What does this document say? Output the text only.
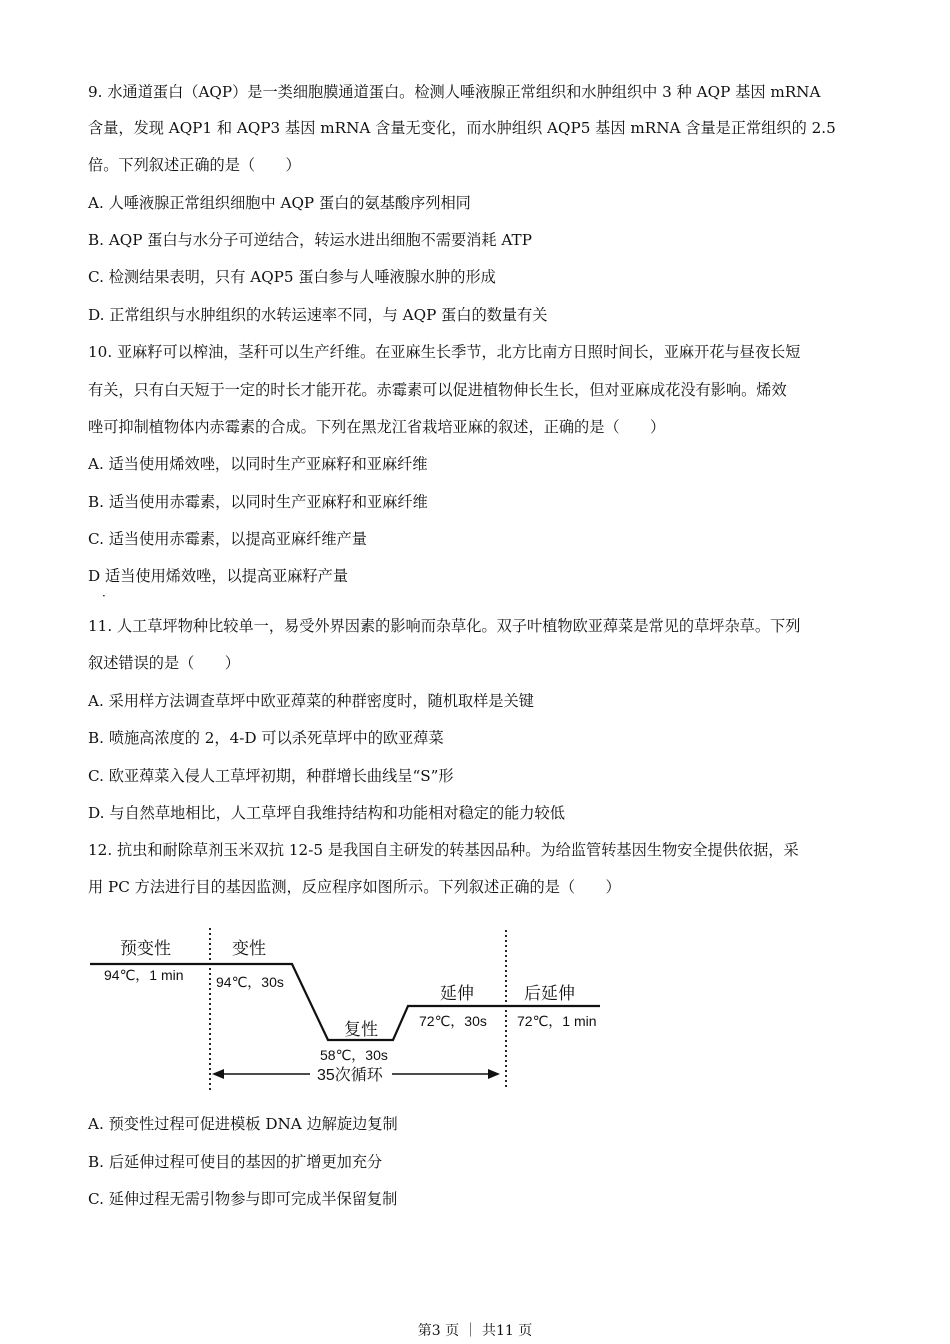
9. 水通道蛋白（AQP）是一类细胞膜通道蛋白。检测人唾液腺正常组织和水肿组织中 3 种 AQP 基因 mRNA
含量，发现 AQP1 和 AQP3 基因 mRNA 含量无变化，而水肿组织 AQP5 基因 mRNA 含量是正常组织的 2.5
倍。下列叙述正确的是（　　）
A. 人唾液腺正常组织细胞中 AQP 蛋白的氨基酸序列相同
B. AQP 蛋白与水分子可逆结合，转运水进出细胞不需要消耗 ATP
C. 检测结果表明，只有 AQP5 蛋白参与人唾液腺水肿的形成
D. 正常组织与水肿组织的水转运速率不同，与 AQP 蛋白的数量有关
10. 亚麻籽可以榨油，茎秆可以生产纤维。在亚麻生长季节，北方比南方日照时间长，亚麻开花与昼夜长短
有关，只有白天短于一定的时长才能开花。赤霉素可以促进植物伸长生长，但对亚麻成花没有影响。烯效
唑可抑制植物体内赤霉素的合成。下列在黑龙江省栽培亚麻的叙述，正确的是（　　）
A. 适当使用烯效唑，以同时生产亚麻籽和亚麻纤维
B. 适当使用赤霉素，以同时生产亚麻籽和亚麻纤维
C. 适当使用赤霉素，以提高亚麻纤维产量
D 适当使用烯效唑，以提高亚麻籽产量
·
11. 人工草坪物种比较单一，易受外界因素的影响而杂草化。双子叶植物欧亚蔊菜是常见的草坪杂草。下列
叙述错误的是（　　）
A. 采用样方法调查草坪中欧亚蔊菜的种群密度时，随机取样是关键
B. 喷施高浓度的 2，4-D 可以杀死草坪中的欧亚蔊菜
C. 欧亚蔊菜入侵人工草坪初期，种群增长曲线呈“S”形
D. 与自然草地相比，人工草坪自我维持结构和功能相对稳定的能力较低
12. 抗虫和耐除草剂玉米双抗 12-5 是我国自主研发的转基因品种。为给监管转基因生物安全提供依据，采
用 PC 方法进行目的基因监测，反应程序如图所示。下列叙述正确的是（　　）
预变性
94℃，1 min
变性
94℃，30s
复性
58℃，30s
延伸
72℃，30s
后延伸
72℃，1 min
35次循环
A. 预变性过程可促进模板 DNA 边解旋边复制
B. 后延伸过程可使目的基因的扩增更加充分
C. 延伸过程无需引物参与即可完成半保留复制
第3 页 ｜ 共11 页
